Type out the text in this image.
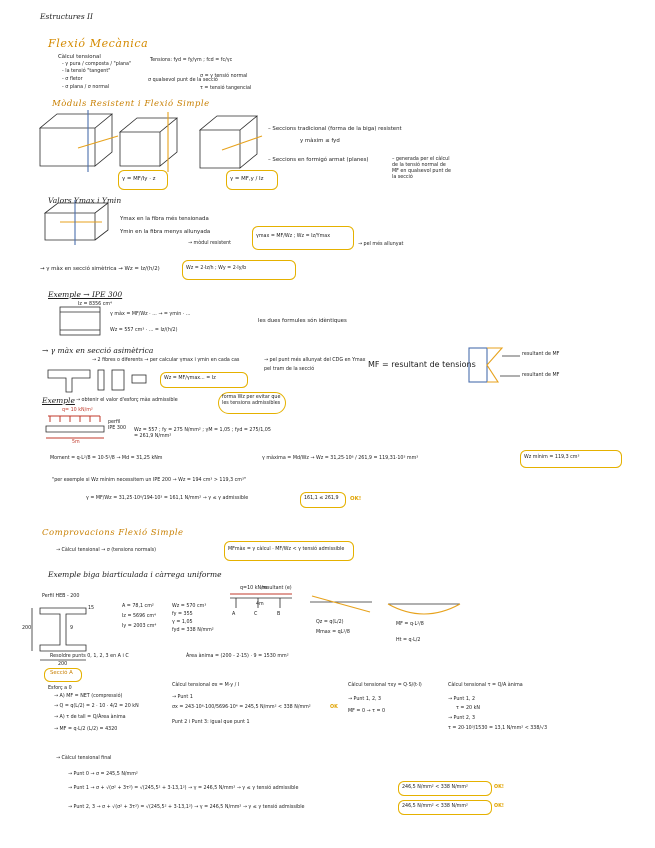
Estructures II
Flexió Mecànica
Càlcul tensional
- γ pura / composta / "plana"
- la tensió "tangent"
- σ fletor
- σ plana / σ normal
Tensions: fyd = fy/γm ; fcd = fc/γc
σ qualsevol punt de la secció
σ = γ tensió normal
τ = tensió tangencial
Mòduls Resistent i Flexió Simple
γ = MF/Iy · z	γ = MF,y / Iz
– Seccions tradicional (forma de la biga) resistent
y màxim ≤ fyd
– Seccions en formigó armat (planes)	– generada per el càlcul de la tensió normal de MF en qualsevol punt de la secció
Valors Ymax i Ymin
Ymax en la fibra més tensionada
Ymin en la fibra menys allunyada
→ mòdul resistent
γmax = MF/Wz ; Wz = Iz/Ymax
→ pel més allunyat
→ γ màx en secció simètrica → Wz = Iz/(h/2)	Wz = 2·Iz/h ; Wy = 2·Iy/b
Exemple → IPE 300
Iz = 8356 cm⁴
γ màx = MF/Wz · ... → = γmin · ...
Wz = 557 cm³ · ... = Iz/(h/2)
les dues formules són idèntiques
→ γ màx en secció asimètrica
→ 2 fibres o diferents → per calcular γmax i γmin en cada cas	→ pel punt més allunyat del CDG en Ymax
pel tram de la secció
MF = resultant de tensions
resultant de MF
resultant de MF
Wz = MF/γmax... = Iz
Exemple → obtenir el valor d'esforç màx admissible
forma Wz per evitar que les tensions admissibles
q= 10 kN/m²
5m
perfil IPE 300	Wz = 557 ; fy = 275 N/mm² ; γM = 1,05 ; fyd = 275/1,05 = 261,9 N/mm²
Moment = q·L²/8 = 10·5²/8 → Md = 31,25 kNm	γ màxima = Md/Wz → Wz = 31,25·10⁶ / 261,9 = 119,31·10³ mm³	Wz mínim = 119,3 cm³
"per exemple si Wz mínim necessitem un IPE 200 → Wz = 194 cm³ > 119,3 cm³"
γ = MF/Wz = 31,25·10⁶/194·10³ = 161,1 N/mm² → γ ≤ γ admissible	161,1 ≤ 261,9 OK!
Comprovacions Flexió Simple
→ Càlcul tensional → σ (tensions normals)	MFmàx = γ càlcul · MF/Wz < γ tensió admissible
Exemple biga biarticulada i càrrega uniforme
Perfil HEB - 200
A = 78,1 cm²
Iz = 5696 cm⁴
Iy = 2003 cm⁴
Wz = 570 cm³
fy = 355
γ = 1,05
fyd = 338 N/mm²
200
200
9
15
A	C	B
q=10 kN/m
4m
resultant (e)
Qz = q(L/2)
Mmax = qL²/8
MF = q·L²/8
Ht = q·L/2
Resoldre punts 0, 1, 2, 3 en A i C	Àrea ànima = (200 - 2·15) · 9 = 1530 mm²
Secció A
Esforç a 0
→ A) MF = NET (compressió)
→ Q = q(L/2) = 2 · 10 · 4/2 = 20 kN
→ A) τ de tall = Q/Àrea ànima
→ MF = q·L/2 (L/2) = 4320
Càlcul tensional σx = M·y / I
→ Punt 1
σx = 243·10⁶·100/5696·10⁴ = 245,5 N/mm² < 338 N/mm²	OK
Punt 2 i Punt 3: igual que punt 1
Càlcul tensional τxy = Q·S/(t·I)
→ Punt 1, 2, 3
MF = 0 → τ = 0
Càlcul tensional τ = Q/A ànima
→ Punt 1, 2
τ = 20 kN
→ Punt 2, 3
τ = 20·10³/1530 = 13,1 N/mm² < 338/√3
→ Càlcul tensional final
→ Punt 0 → σ = 245,5 N/mm²
→ Punt 1 → σ + √(σ² + 3τ²) = √(245,5² + 3·13,1²) → γ = 246,5 N/mm² → γ ≤ γ tensió admissible	246,5 N/mm² < 338 N/mm²	OK!
→ Punt 2, 3 → σ + √(σ² + 3τ²) = √(245,5² + 3·13,1²) → γ = 246,5 N/mm² → γ ≤ γ tensió admissible	246,5 N/mm² < 338 N/mm²	OK!
